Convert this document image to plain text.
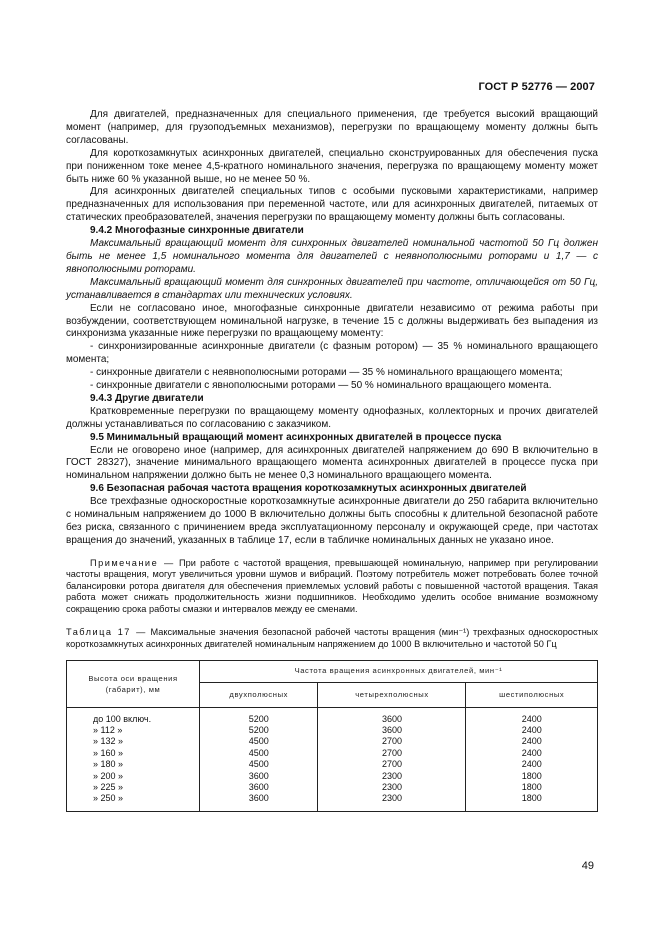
ГОСТ Р 52776 — 2007

Для двигателей, предназначенных для специального применения, где требуется высокий вращающий момент (например, для грузоподъемных механизмов), перегрузки по вращающему моменту должны быть согласованы.

Для короткозамкнутых асинхронных двигателей, специально сконструированных для обеспечения пуска при пониженном токе менее 4,5-кратного номинального значения, перегрузка по вращающему моменту может быть ниже 60 % указанной выше, но не менее 50 %.

Для асинхронных двигателей специальных типов с особыми пусковыми характеристиками, например предназначенных для использования при переменной частоте, или для асинхронных двигателей, питаемых от статических преобразователей, значения перегрузки по вращающему моменту должны быть согласованы.

9.4.2 Многофазные синхронные двигатели

Максимальный вращающий момент для синхронных двигателей номинальной частотой 50 Гц должен быть не менее 1,5 номинального момента для двигателей с неявнополюсными роторами и 1,7 — с явнополюсными роторами.

Максимальный вращающий момент для синхронных двигателей при частоте, отличающейся от 50 Гц, устанавливается в стандартах или технических условиях.

Если не согласовано иное, многофазные синхронные двигатели независимо от режима работы при возбуждении, соответствующем номинальной нагрузке, в течение 15 с должны выдерживать без выпадения из синхронизма указанные ниже перегрузки по вращающему моменту:

- синхронизированные асинхронные двигатели (с фазным ротором) — 35 % номинального вращающего момента;

- синхронные двигатели с неявнополюсными роторами — 35 % номинального вращающего момента;

- синхронные двигатели с явнополюсными роторами — 50 % номинального вращающего момента.

9.4.3 Другие двигатели

Кратковременные перегрузки по вращающему моменту однофазных, коллекторных и прочих двигателей должны устанавливаться по согласованию с заказчиком.

9.5 Минимальный вращающий момент асинхронных двигателей в процессе пуска

Если не оговорено иное (например, для асинхронных двигателей напряжением до 690 В включительно в ГОСТ 28327), значение минимального вращающего момента асинхронных двигателей в процессе пуска при номинальном напряжении должно быть не менее 0,3 номинального вращающего момента.

9.6 Безопасная рабочая частота вращения короткозамкнутых асинхронных двигателей

Все трехфазные односкоростные короткозамкнутые асинхронные двигатели до 250 габарита включительно с номинальным напряжением до 1000 В включительно должны быть способны к длительной безопасной работе без риска, связанного с причинением вреда эксплуатационному персоналу и окружающей среде, при частотах вращения до значений, указанных в таблице 17, если в табличке номинальных данных не указано иное.

Примечание — При работе с частотой вращения, превышающей номинальную, например при регулировании частоты вращения, могут увеличиться уровни шумов и вибраций. Поэтому потребитель может потребовать более точной балансировки ротора двигателя для обеспечения приемлемых условий работы с повышенной частотой вращения. Такая работа может снижать продолжительность жизни подшипников. Необходимо уделить особое внимание возможному сокращению срока работы смазки и интервалов между ее сменами.

Таблица 17 — Максимальные значения безопасной рабочей частоты вращения (мин⁻¹) трехфазных односкоростных короткозамкнутых асинхронных двигателей номинальным напряжением до 1000 В включительно и частотой 50 Гц

Высота оси вращения (габарит), мм	Частота вращения асинхронных двигателей, мин⁻¹		
	двухполюсных	четырехполюсных	шестиполюсных
до 100 включ.	5200	3600	2400
» 112 »	5200	3600	2400
» 132 »	4500	2700	2400
» 160 »	4500	2700	2400
» 180 »	4500	2700	2400
» 200 »	3600	2300	1800
» 225 »	3600	2300	1800
» 250 »	3600	2300	1800
49
